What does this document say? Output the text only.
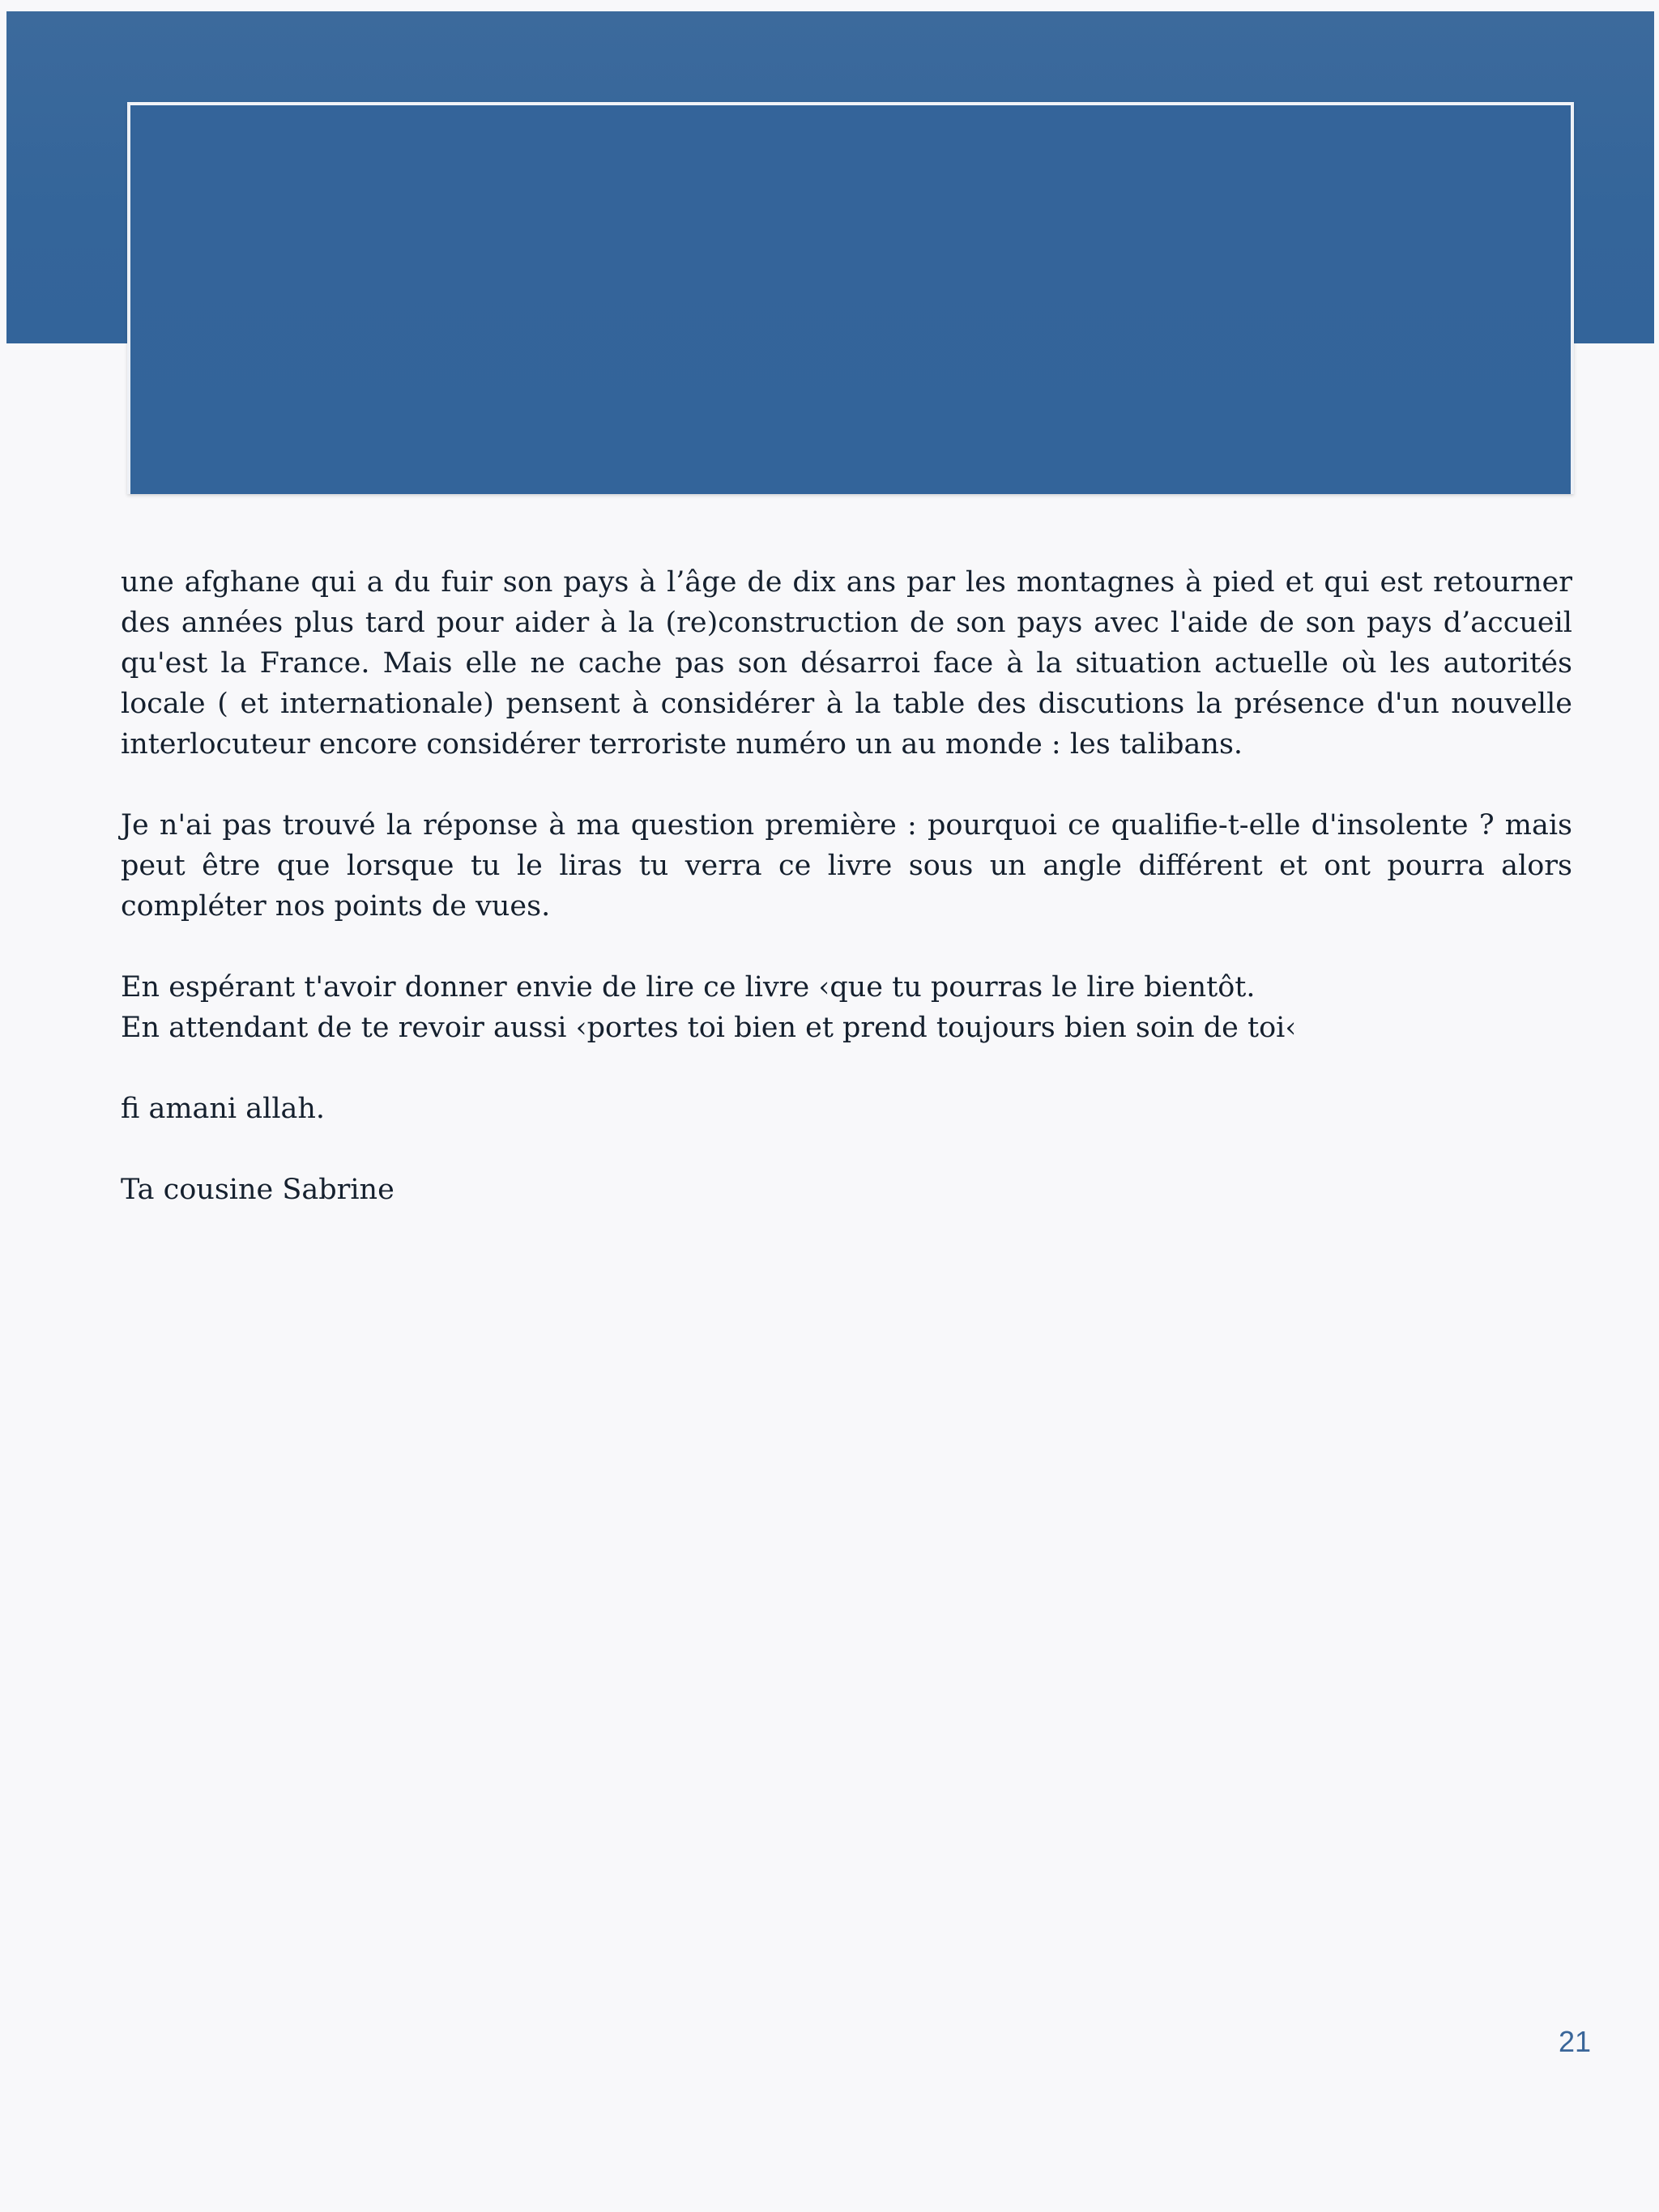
une afghane qui a du fuir son pays à l’âge de dix ans par les montagnes à pied et qui est retourner des années plus tard pour aider à la (re)construction de son pays avec l'aide de son pays d’accueil qu'est la France. Mais elle ne cache pas son désarroi face à la situation actuelle où les autorités locale ( et internationale) pensent à considérer à la table des discutions la présence d'un nouvelle interlocuteur encore considérer terroriste numéro un au monde : les talibans.

Je n'ai pas trouvé la réponse à ma question première : pourquoi ce qualifie-t-elle d'insolente ? mais peut être que lorsque tu le liras tu verra ce livre sous un angle différent et ont pourra alors compléter nos points de vues.

En espérant t'avoir donner envie de lire ce livre ‹que tu pourras le lire bientôt.
En attendant de te revoir aussi ‹portes toi bien et prend toujours bien soin de toi‹

fi amani allah.

Ta cousine Sabrine

21
